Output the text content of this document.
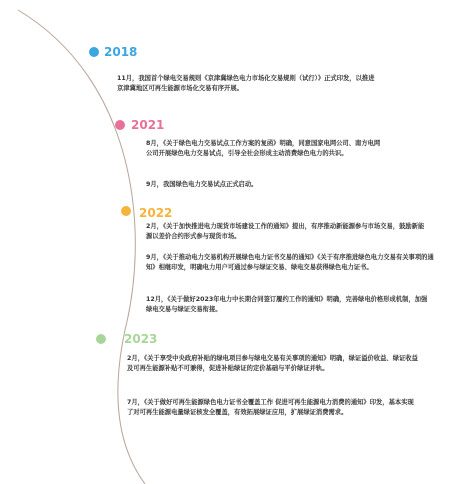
2018

11月，我国首个绿电交易规则《京津冀绿色电力市场化交易规则（试行）》正式印发，以推进京津冀地区可再生能源市场化交易有序开展。

2021

8月，《关于绿色电力交易试点工作方案的复函》明确，同意国家电网公司、南方电网公司开展绿色电力交易试点，引导全社会形成主动消费绿色电力的共识。

9月，我国绿色电力交易试点正式启动。

2022

2月，《关于加快推进电力现货市场建设工作的通知》提出，有序推动新能源参与市场交易，鼓励新能源以差价合约形式参与现货市场。

9月，《关于推动电力交易机构开展绿色电力证书交易的通知》《关于有序推进绿色电力交易有关事项的通知》相继印发，明确电力用户可通过参与绿证交易、绿电交易获得绿色电力证书。

12月，《关于做好2023年电力中长期合同签订履约工作的通知》明确，完善绿电价格形成机制，加强绿电交易与绿证交易衔接。

2023

2月，《关于享受中央政府补贴的绿电项目参与绿电交易有关事项的通知》明确，绿证溢价收益、绿证收益及可再生能源补贴不可兼得，促进补贴绿证的定价基础与平价绿证并轨。

7月，《关于做好可再生能源绿色电力证书全覆盖工作 促进可再生能源电力消费的通知》印发，基本实现了对可再生能源电量绿证核发全覆盖，有效拓展绿证应用，扩展绿证消费需求。
